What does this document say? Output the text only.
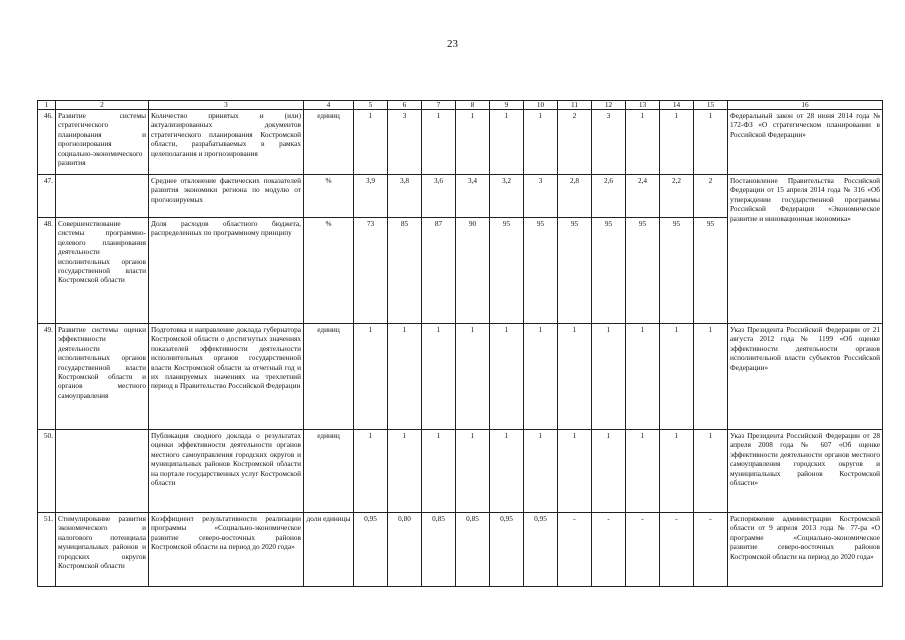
23
1	2	3	4	5	6	7	8	9	10	11	12	13	14	15	16
46.	Развитие системы стратегического планирования и прогнозирования социально-экономического развития	Количество принятых и (или) актуализированных документов стратегического планирования Костромской области, разрабатываемых в рамках целеполагания и прогнозирования	единиц	1	3	1	1	1	1	2	3	1	1	1	Федеральный закон от 28 июня 2014 года № 172-ФЗ «О стратегическом планировании в Российской Федерации»
47.		Среднее отклонение фактических показателей развития экономики региона по модулю от прогнозируемых	%	3,9	3,8	3,6	3,4	3,2	3	2,8	2,6	2,4	2,2	2	Постановление Правительства Российской Федерации от 15 апреля 2014 года № 316 «Об утверждении государственной программы Российской Федерации «Экономическое развитие и инновационная экономика»
48.	Совершенствование системы программно-целевого планирования деятельности исполнительных органов государственной власти Костромской области	Доля расходов областного бюджета, распределенных по программному принципу	%	73	85	87	90	95	95	95	95	95	95	95	
49.	Развитие системы оценки эффективности деятельности исполнительных органов государственной власти Костромской области и органов местного самоуправления	Подготовка и направление доклада губернатора Костромской области о достигнутых значениях показателей эффективности деятельности исполнительных органов государственной власти Костромской области за отчетный год и их планируемых значениях на трехлетний период в Правительство Российской Федерации	единиц	1	1	1	1	1	1	1	1	1	1	1	Указ Президента Российской Федерации от 21 августа 2012 года № 1199 «Об оценке эффективности деятельности органов исполнительной власти субъектов Российской Федерации»
50.		Публикация сводного доклада о результатах оценки эффективности деятельности органов местного самоуправления городских округов и муниципальных районов Костромской области на портале государственных услуг Костромской области	единиц	1	1	1	1	1	1	1	1	1	1	1	Указ Президента Российской Федерации от 28 апреля 2008 года № 607 «Об оценке эффективности деятельности органов местного самоуправления городских округов и муниципальных районов Костромской области»
51.	Стимулирование развития экономического и налогового потенциала муниципальных районов и городских округов Костромской области	Коэффициент результативности реализации программы «Социально-экономическое развитие северо-восточных районов Костромской области на период до 2020 года»	доли единицы	0,95	0,80	0,85	0,85	0,95	0,95	-	-	-	-	-	Распоряжение администрации Костромской области от 9 апреля 2013 года № 77-ра «О программе «Социально-экономическое развитие северо-восточных районов Костромской области на период до 2020 года»
